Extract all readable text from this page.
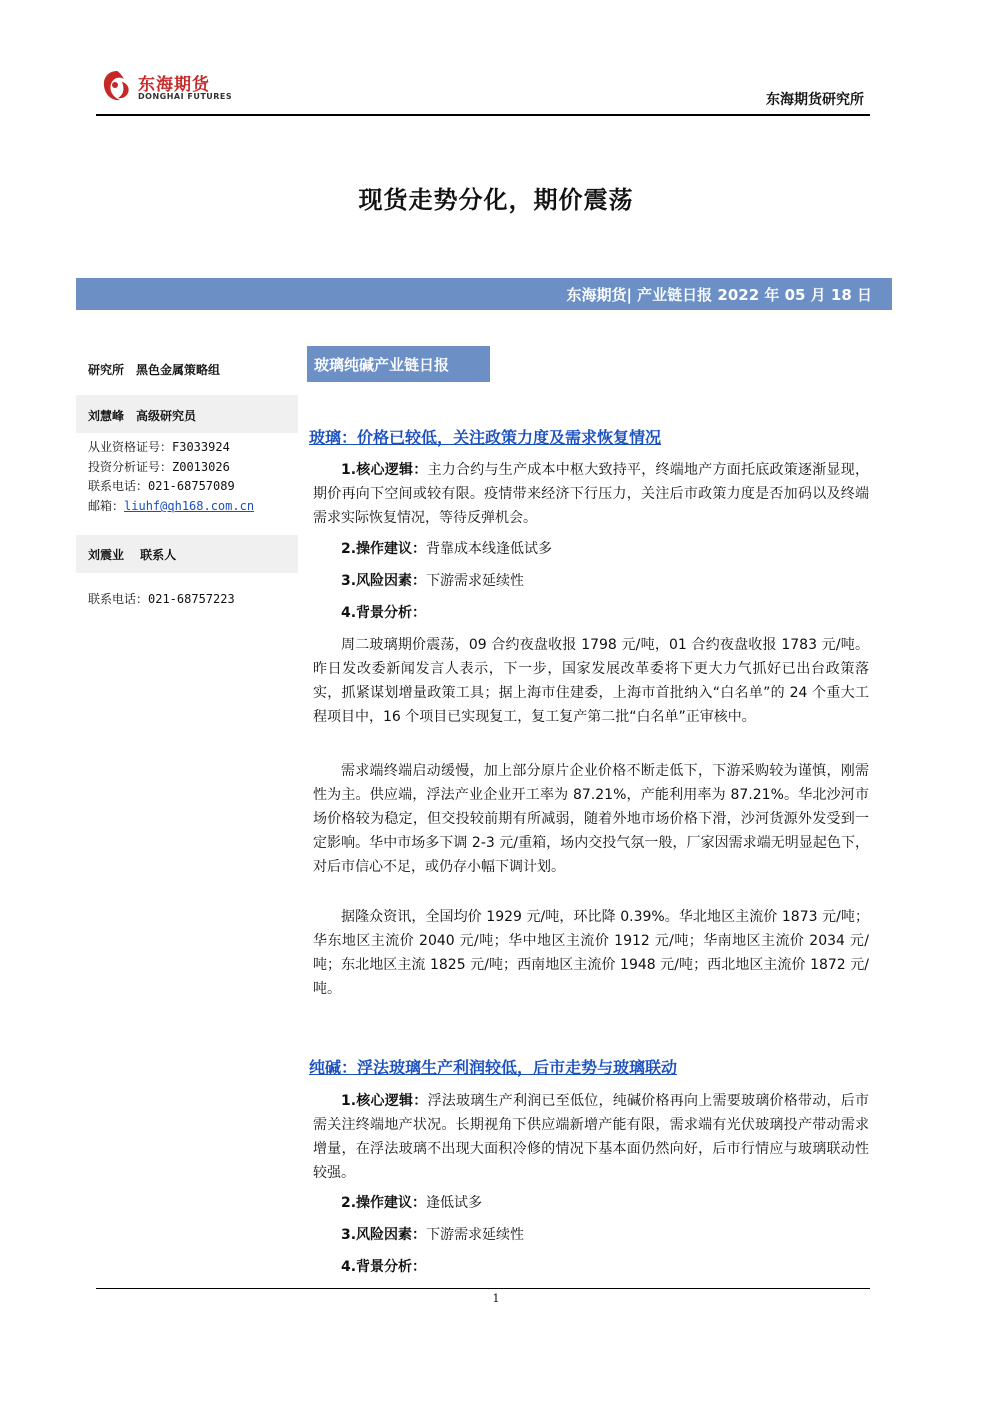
东海期货
DONGHAI FUTURES	东海期货研究所
现货走势分化，期价震荡
东海期货| 产业链日报 2022 年 05 月 18 日
研究所　黑色金属策略组
刘慧峰　高级研究员
从业资格证号：F3033924
投资分析证号：Z0013026
联系电话：021-68757089
邮箱：liuhf@qh168.com.cn
刘震业　 联系人
联系电话：021-68757223
玻璃纯碱产业链日报
玻璃：价格已较低，关注政策力度及需求恢复情况
1.核心逻辑：主力合约与生产成本中枢大致持平，终端地产方面托底政策逐渐显现，期价再向下空间或较有限。疫情带来经济下行压力，关注后市政策力度是否加码以及终端需求实际恢复情况，等待反弹机会。
2.操作建议：背靠成本线逢低试多
3.风险因素：下游需求延续性
4.背景分析：
周二玻璃期价震荡，09 合约夜盘收报 1798 元/吨，01 合约夜盘收报 1783 元/吨。昨日发改委新闻发言人表示，下一步，国家发展改革委将下更大力气抓好已出台政策落实，抓紧谋划增量政策工具；据上海市住建委，上海市首批纳入“白名单”的 24 个重大工程项目中，16 个项目已实现复工，复工复产第二批“白名单”正审核中。
需求端终端启动缓慢，加上部分原片企业价格不断走低下，下游采购较为谨慎，刚需性为主。供应端，浮法产业企业开工率为 87.21%，产能利用率为 87.21%。华北沙河市场价格较为稳定，但交投较前期有所减弱，随着外地市场价格下滑，沙河货源外发受到一定影响。华中市场多下调 2-3 元/重箱，场内交投气氛一般，厂家因需求端无明显起色下，对后市信心不足，或仍存小幅下调计划。
据隆众资讯，全国均价 1929 元/吨，环比降 0.39%。华北地区主流价 1873 元/吨；华东地区主流价 2040 元/吨；华中地区主流价 1912 元/吨；华南地区主流价 2034 元/吨；东北地区主流 1825 元/吨；西南地区主流价 1948 元/吨；西北地区主流价 1872 元/吨。
纯碱：浮法玻璃生产利润较低，后市走势与玻璃联动
1.核心逻辑：浮法玻璃生产利润已至低位，纯碱价格再向上需要玻璃价格带动，后市需关注终端地产状况。长期视角下供应端新增产能有限，需求端有光伏玻璃投产带动需求增量，在浮法玻璃不出现大面积冷修的情况下基本面仍然向好，后市行情应与玻璃联动性较强。
2.操作建议：逢低试多
3.风险因素：下游需求延续性
4.背景分析：
1
